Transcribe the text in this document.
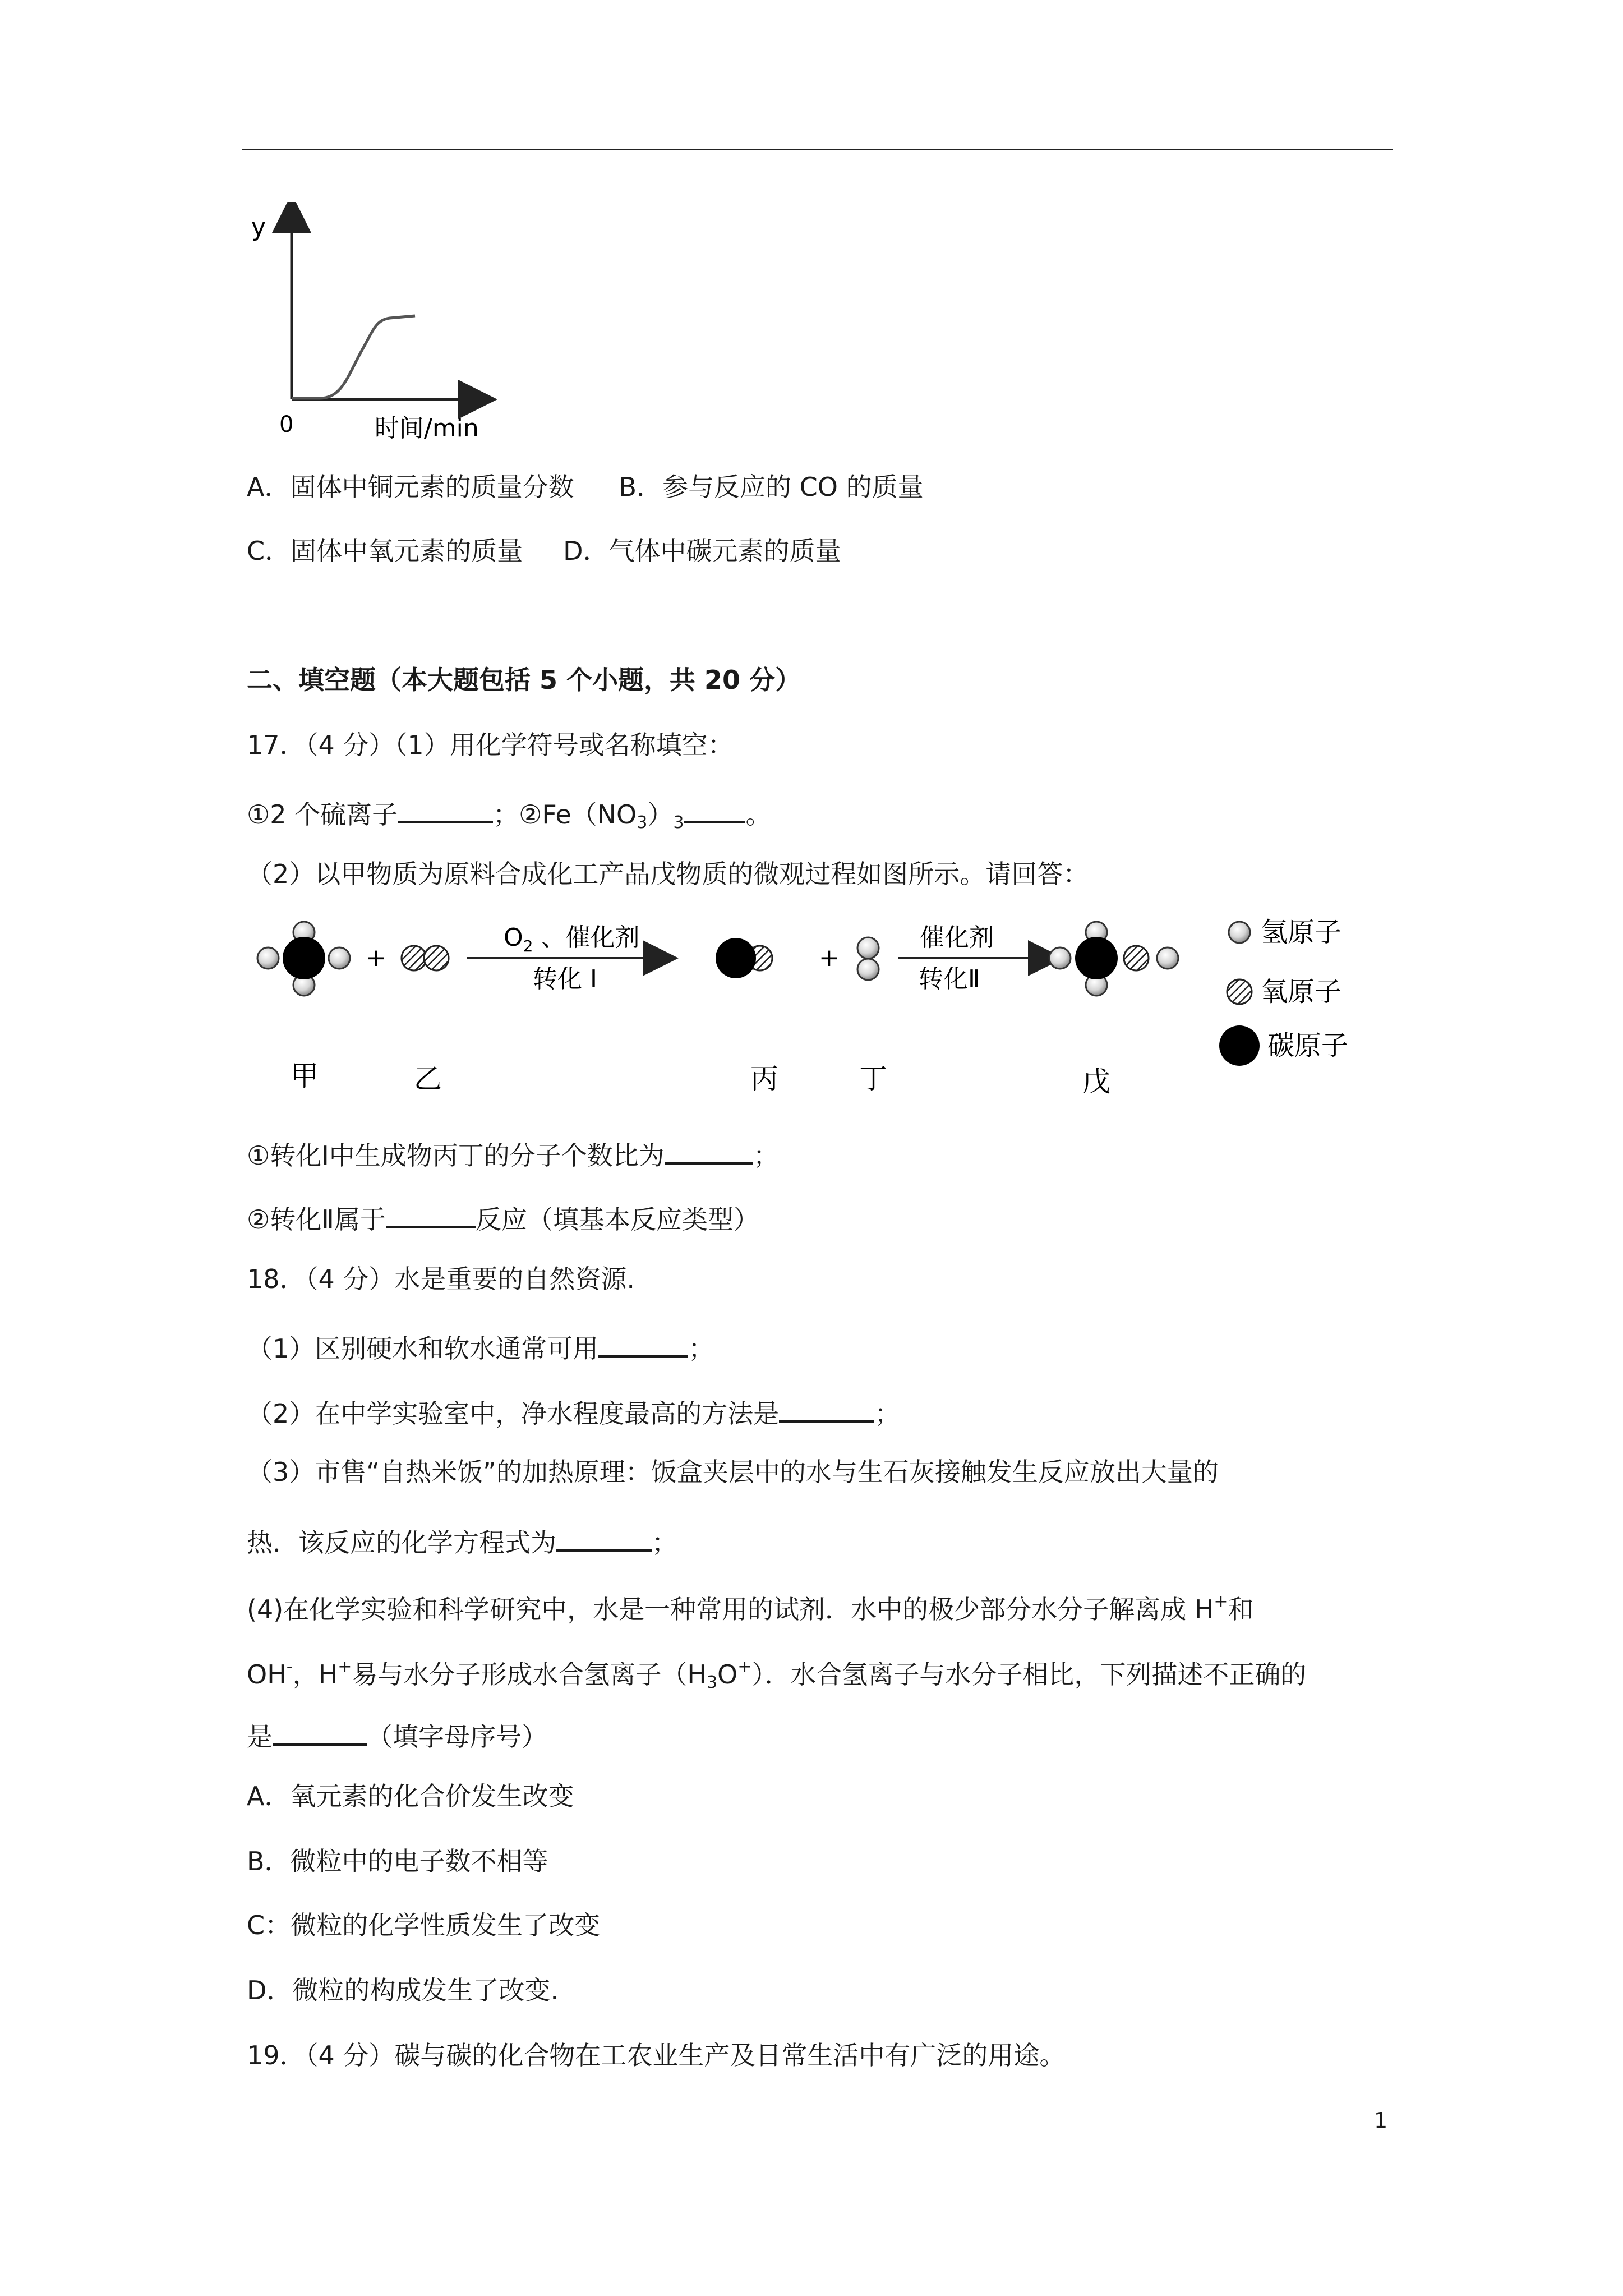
y
0	时间/min
A．固体中铜元素的质量分数 B．参与反应的 CO 的质量
C．固体中氧元素的质量 D．气体中碳元素的质量
二、填空题（本大题包括 5 个小题，共 20 分）
17．（4 分）（1）用化学符号或名称填空：
①2 个硫离子	；$②Fe(NO_3)_3$ 。
（2）以甲物质为原料合成化工产品戊物质的微观过程如图所示。请回答：
+
$O_2$ 、催化剂
转化 I
+
催化剂
转化Ⅱ
甲	乙	丙	丁	戊
氢原子
氧原子
碳原子
①转化Ⅰ中生成物丙丁的分子个数比为	；
②转化Ⅱ属于	反应（填基本反应类型）
18．（4 分）水是重要的自然资源.
（1）区别硬水和软水通常可用	；
（2）在中学实验室中，净水程度最高的方法是	；
（3）市售“自热米饭”的加热原理：饭盒夹层中的水与生石灰接触发生反应放出大量的
热．该反应的化学方程式为	；
(4)在化学实验和科学研究中，水是一种常用的试剂．水中的极少部分水分子解离成 H+和
OH-，H+易与水分子形成水合氢离子$(H_3O^+)$．水合氢离子与水分子相比，下列描述不正确的
是	（填字母序号）
A．氧元素的化合价发生改变
B．微粒中的电子数不相等
C：微粒的化学性质发生了改变
D．微粒的构成发生了改变.
19．（4 分）碳与碳的化合物在工农业生产及日常生活中有广泛的用途。
1
